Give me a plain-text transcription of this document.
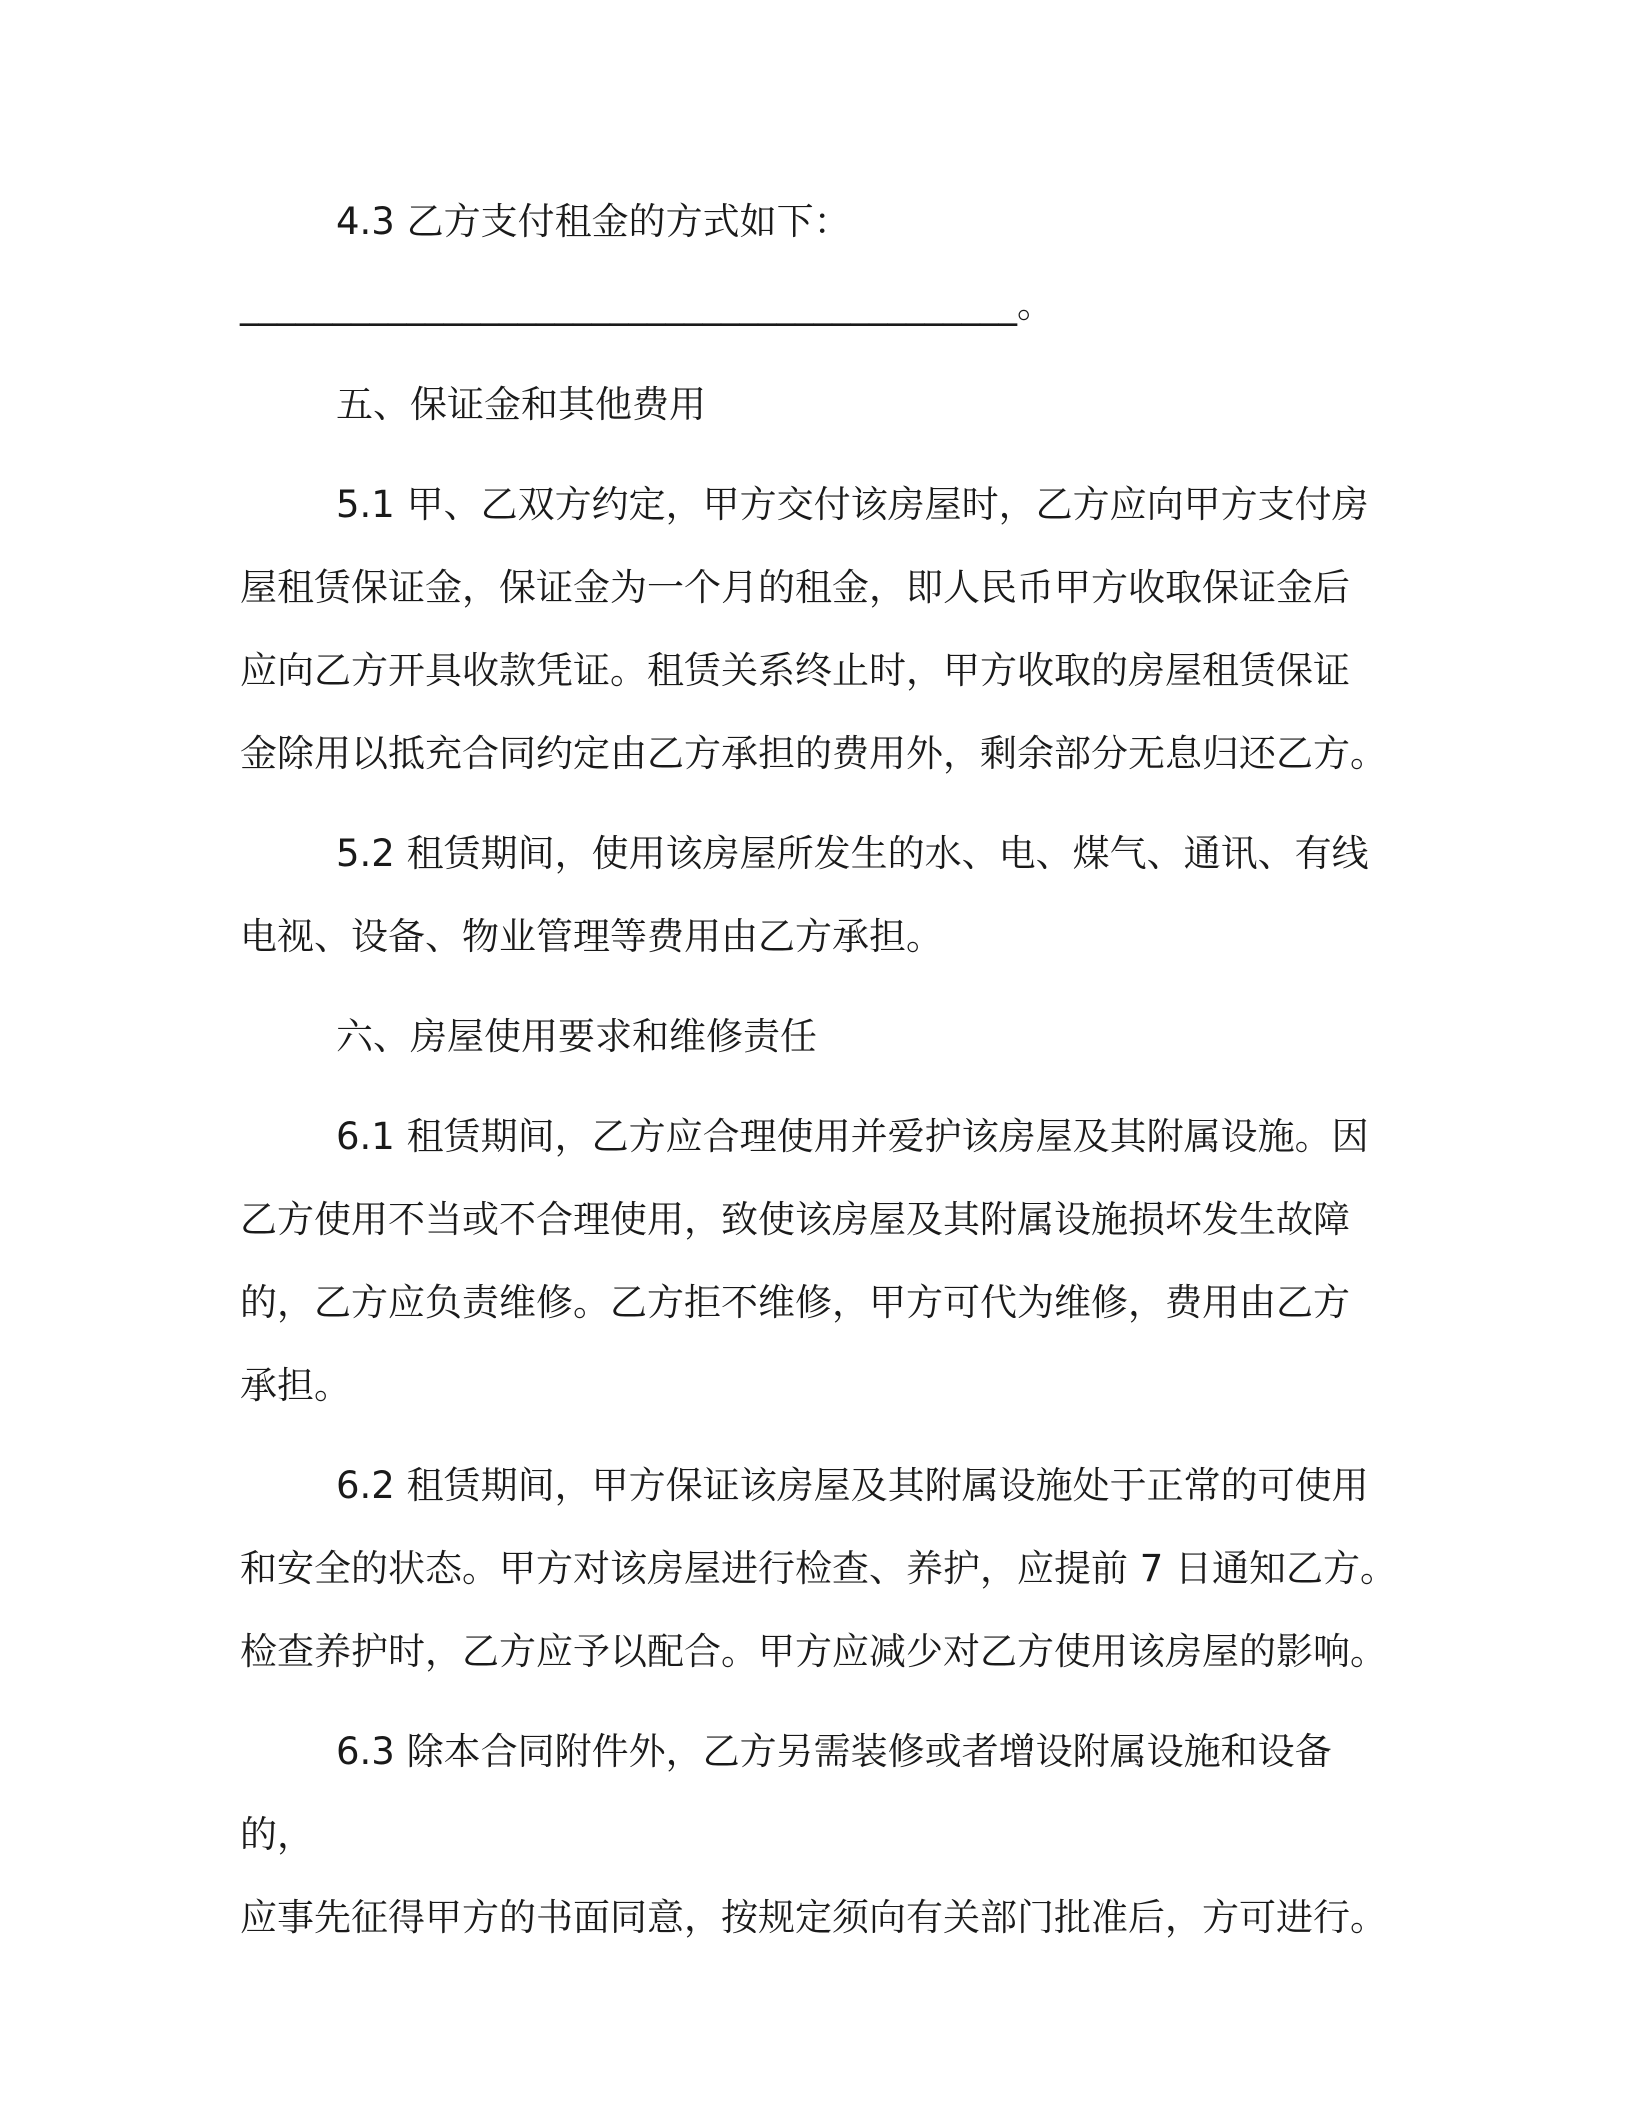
4.3 乙方支付租金的方式如下：

__________________________________________。

五、保证金和其他费用

5.1 甲、乙双方约定，甲方交付该房屋时，乙方应向甲方支付房

屋租赁保证金，保证金为一个月的租金，即人民币甲方收取保证金后

应向乙方开具收款凭证。租赁关系终止时，甲方收取的房屋租赁保证

金除用以抵充合同约定由乙方承担的费用外，剩余部分无息归还乙方。

5.2 租赁期间，使用该房屋所发生的水、电、煤气、通讯、有线

电视、设备、物业管理等费用由乙方承担。

六、房屋使用要求和维修责任

6.1 租赁期间，乙方应合理使用并爱护该房屋及其附属设施。因

乙方使用不当或不合理使用，致使该房屋及其附属设施损坏发生故障

的，乙方应负责维修。乙方拒不维修，甲方可代为维修，费用由乙方

承担。

6.2 租赁期间，甲方保证该房屋及其附属设施处于正常的可使用

和安全的状态。甲方对该房屋进行检查、养护，应提前 7 日通知乙方。

检查养护时，乙方应予以配合。甲方应减少对乙方使用该房屋的影响。

6.3 除本合同附件外，乙方另需装修或者增设附属设施和设备的，

应事先征得甲方的书面同意，按规定须向有关部门批准后，方可进行。
